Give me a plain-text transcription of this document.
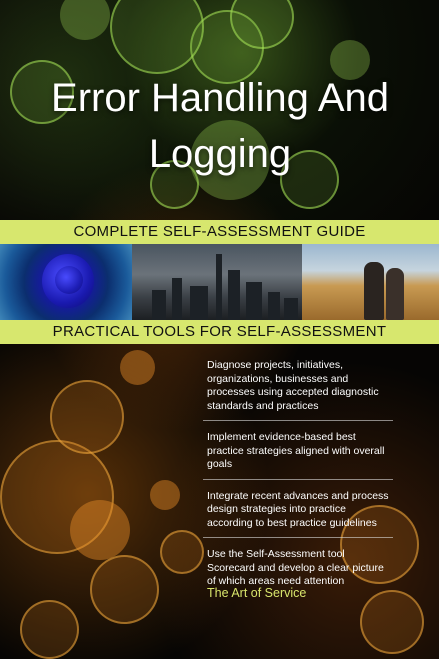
Error Handling And Logging
COMPLETE SELF-ASSESSMENT GUIDE
PRACTICAL TOOLS FOR SELF-ASSESSMENT
Diagnose projects, initiatives, organizations, businesses and processes using accepted diagnostic standards and practices
Implement evidence-based best practice strategies aligned with overall goals
Integrate recent advances and process design strategies into practice according to best practice guidelines
Use the Self-Assessment tool Scorecard and develop a clear picture of which areas need attention
The Art of Service
